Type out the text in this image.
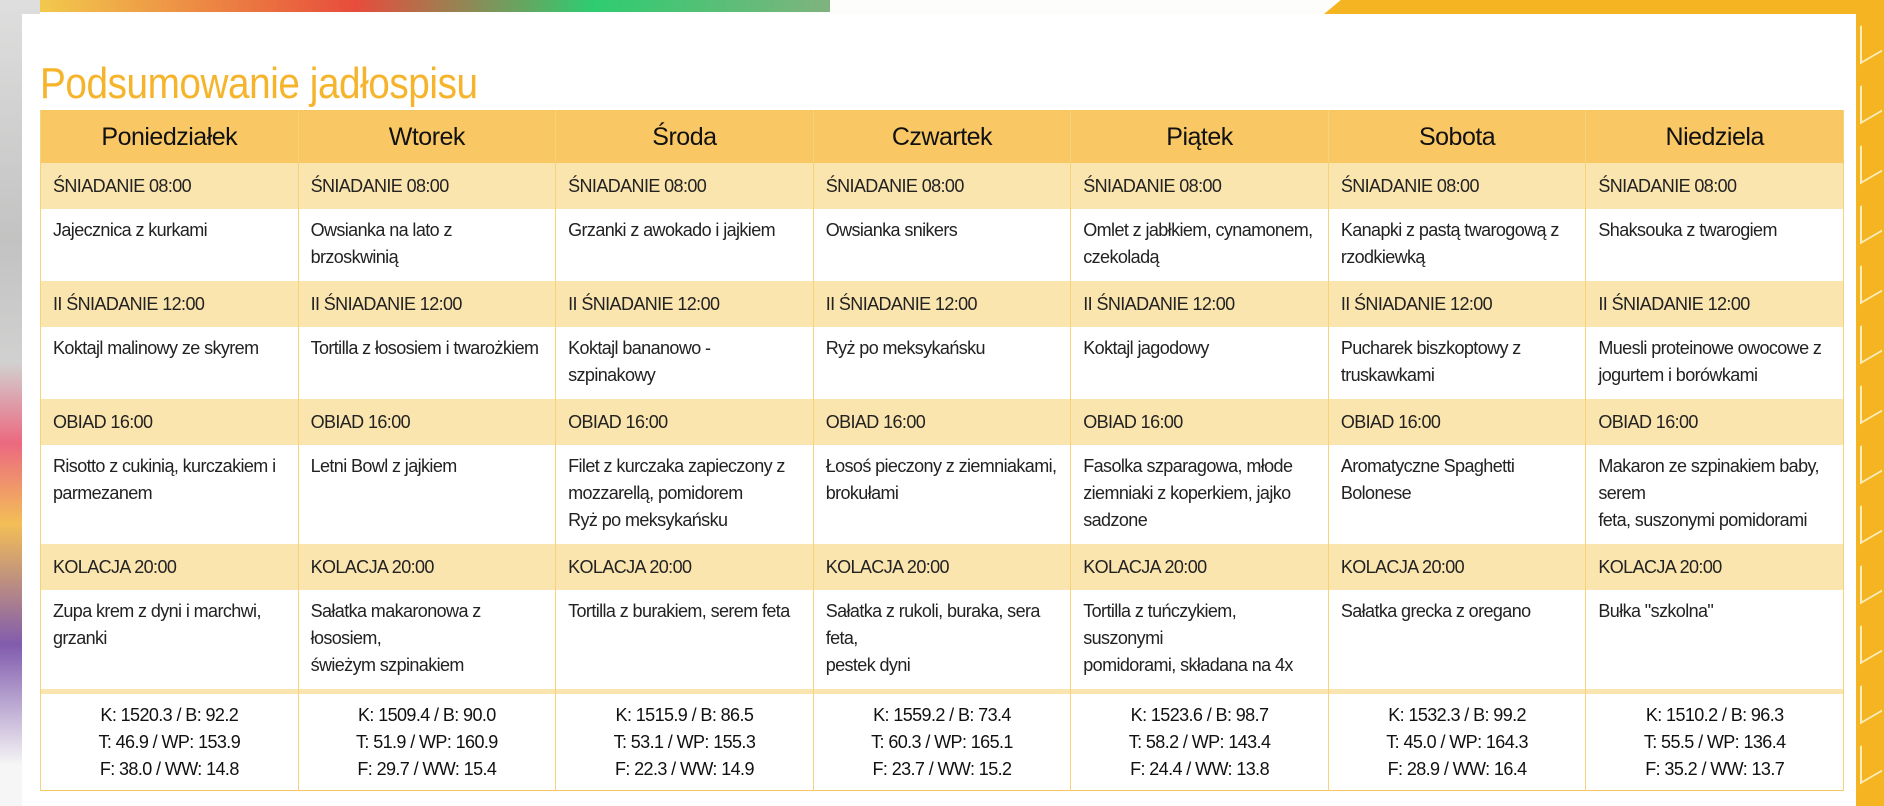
Podsumowanie jadłospisu
Poniedziałek	Wtorek	Środa	Czwartek	Piątek	Sobota	Niedziela
ŚNIADANIE 08:00	ŚNIADANIE 08:00	ŚNIADANIE 08:00	ŚNIADANIE 08:00	ŚNIADANIE 08:00	ŚNIADANIE 08:00	ŚNIADANIE 08:00

Jajecznica z kurkami	Owsianka na lato z brzoskwinią	Grzanki z awokado i jajkiem	Owsianka snikers	Omlet z jabłkiem, cynamonem,
czekoladą	Kanapki z pastą twarogową z
rzodkiewką	Shaksouka z twarogiem

II ŚNIADANIE 12:00	II ŚNIADANIE 12:00	II ŚNIADANIE 12:00	II ŚNIADANIE 12:00	II ŚNIADANIE 12:00	II ŚNIADANIE 12:00	II ŚNIADANIE 12:00

Koktajl malinowy ze skyrem	Tortilla z łososiem i twarożkiem	Koktajl bananowo - szpinakowy	Ryż po meksykańsku	Koktajl jagodowy	Pucharek biszkoptowy z
truskawkami	Muesli proteinowe owocowe z
jogurtem i borówkami

OBIAD 16:00	OBIAD 16:00	OBIAD 16:00	OBIAD 16:00	OBIAD 16:00	OBIAD 16:00	OBIAD 16:00

Risotto z cukinią, kurczakiem i
parmezanem	Letni Bowl z jajkiem	Filet z kurczaka zapieczony z
mozzarellą, pomidorem
Ryż po meksykańsku	Łosoś pieczony z ziemniakami,
brokułami	Fasolka szparagowa, młode
ziemniaki z koperkiem, jajko
sadzone	Aromatyczne Spaghetti Bolonese	Makaron ze szpinakiem baby, serem
feta, suszonymi pomidorami

KOLACJA 20:00	KOLACJA 20:00	KOLACJA 20:00	KOLACJA 20:00	KOLACJA 20:00	KOLACJA 20:00	KOLACJA 20:00

Zupa krem z dyni i marchwi, grzanki	Sałatka makaronowa z łososiem,
świeżym szpinakiem	Tortilla z burakiem, serem feta	Sałatka z rukoli, buraka, sera feta,
pestek dyni	Tortilla z tuńczykiem, suszonymi
pomidorami, składana na 4x	Sałatka grecka z oregano	Bułka "szkolna"

K: 1520.3 / B: 92.2
T: 46.9 / WP: 153.9
F: 38.0 / WW: 14.8	K: 1509.4 / B: 90.0
T: 51.9 / WP: 160.9
F: 29.7 / WW: 15.4	K: 1515.9 / B: 86.5
T: 53.1 / WP: 155.3
F: 22.3 / WW: 14.9	K: 1559.2 / B: 73.4
T: 60.3 / WP: 165.1
F: 23.7 / WW: 15.2	K: 1523.6 / B: 98.7
T: 58.2 / WP: 143.4
F: 24.4 / WW: 13.8	K: 1532.3 / B: 99.2
T: 45.0 / WP: 164.3
F: 28.9 / WW: 16.4	K: 1510.2 / B: 96.3
T: 55.5 / WP: 136.4
F: 35.2 / WW: 13.7
